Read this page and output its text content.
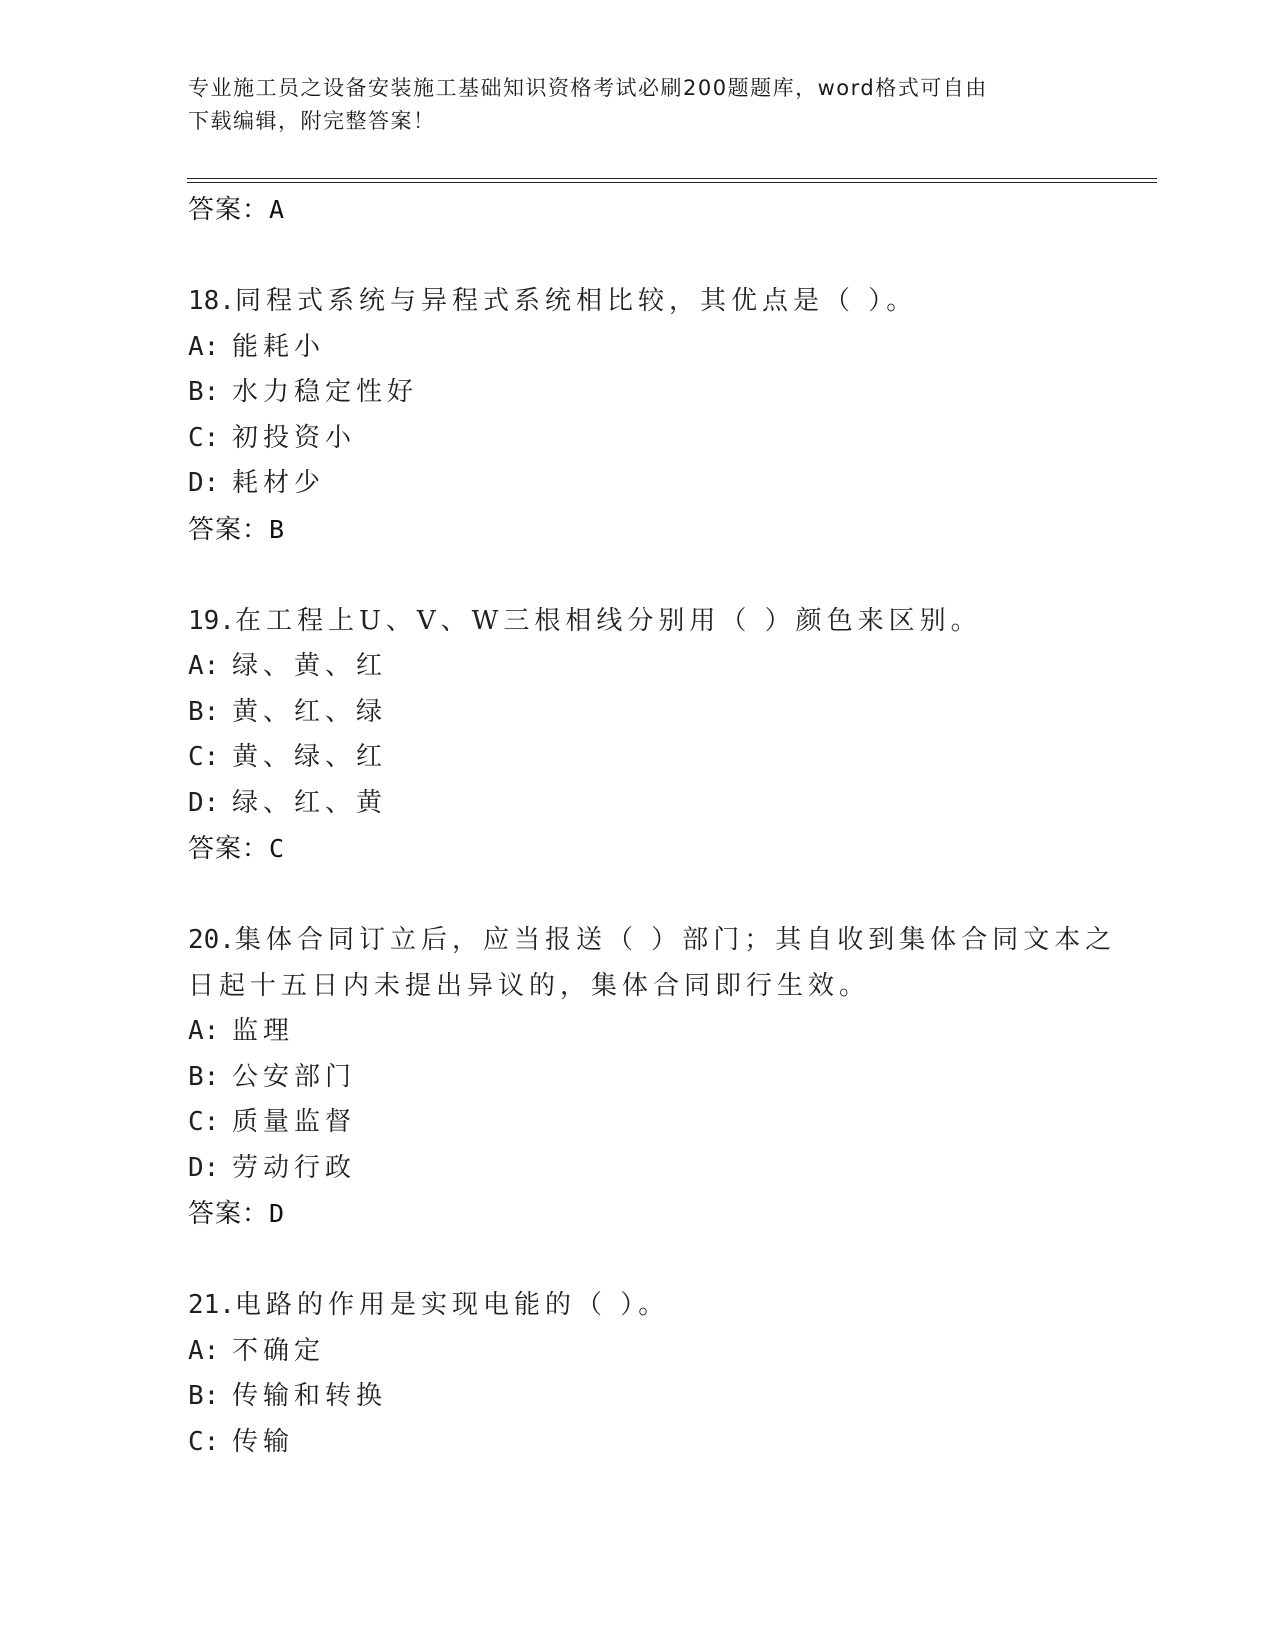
专业施工员之设备安装施工基础知识资格考试必刷200题题库，word格式可自由
下载编辑，附完整答案！
答案：A
18.同程式系统与异程式系统相比较，其优点是（ ）。
A: 能耗小
B: 水力稳定性好
C: 初投资小
D: 耗材少
答案：B
19.在工程上U、V、W三根相线分别用（ ）颜色来区别。
A: 绿、黄、红
B: 黄、红、绿
C: 黄、绿、红
D: 绿、红、黄
答案：C
20.集体合同订立后，应当报送（ ）部门；其自收到集体合同文本之
日起十五日内未提出异议的，集体合同即行生效。
A: 监理
B: 公安部门
C: 质量监督
D: 劳动行政
答案：D
21.电路的作用是实现电能的（ ）。
A: 不确定
B: 传输和转换
C: 传输
